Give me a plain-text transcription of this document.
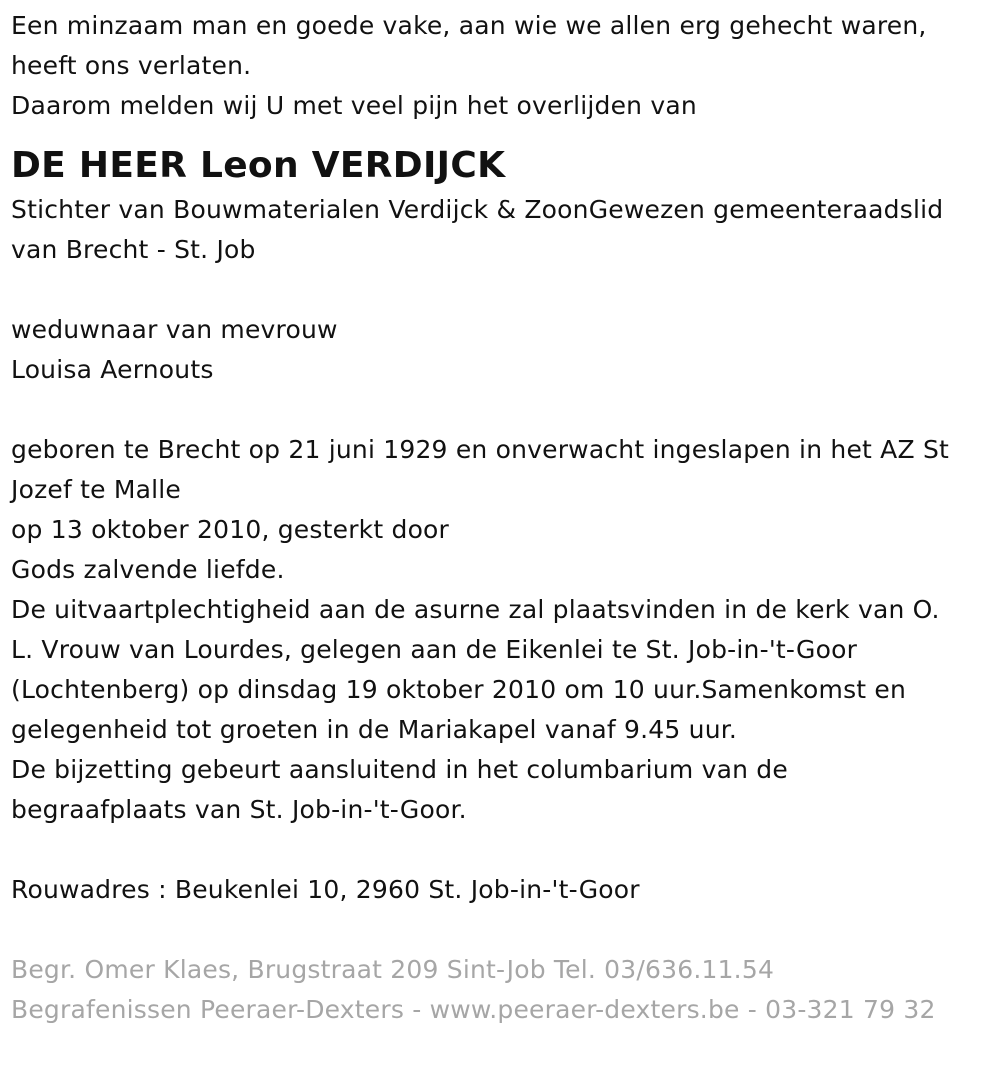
Een minzaam man en goede vake, aan wie we allen erg gehecht waren,
heeft ons verlaten.
Daarom melden wij U met veel pijn het overlijden van
DE HEER Leon VERDIJCK
Stichter van Bouwmaterialen Verdijck & ZoonGewezen gemeenteraadslid
van Brecht - St. Job
weduwnaar van mevrouw
Louisa Aernouts
geboren te Brecht op 21 juni 1929 en onverwacht ingeslapen in het AZ St
Jozef te Malle
op 13 oktober 2010, gesterkt door
Gods zalvende liefde.
De uitvaartplechtigheid aan de asurne zal plaatsvinden in de kerk van O.
L. Vrouw van Lourdes, gelegen aan de Eikenlei te St. Job-in-'t-Goor
(Lochtenberg) op dinsdag 19 oktober 2010 om 10 uur.Samenkomst en
gelegenheid tot groeten in de Mariakapel vanaf 9.45 uur.
De bijzetting gebeurt aansluitend in het columbarium van de
begraafplaats van St. Job-in-'t-Goor.
Rouwadres : Beukenlei 10, 2960 St. Job-in-'t-Goor
Begr. Omer Klaes, Brugstraat 209 Sint-Job Tel. 03/636.11.54
Begrafenissen Peeraer-Dexters - www.peeraer-dexters.be - 03-321 79 32
